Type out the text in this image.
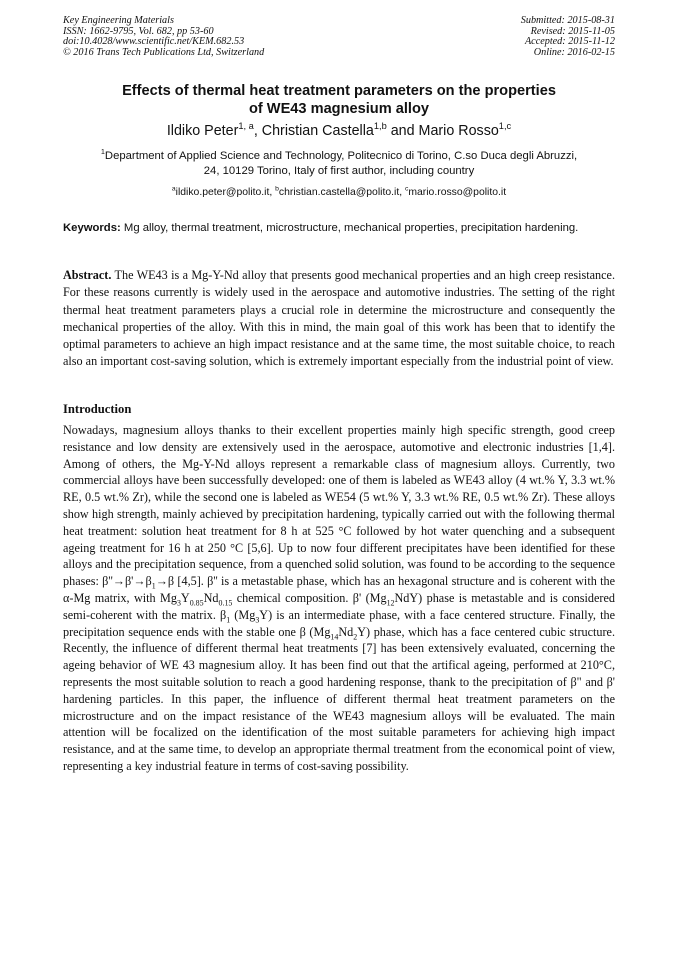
Key Engineering Materials
ISSN: 1662-9795, Vol. 682, pp 53-60
doi:10.4028/www.scientific.net/KEM.682.53
© 2016 Trans Tech Publications Ltd, Switzerland
Submitted: 2015-08-31
Revised: 2015-11-05
Accepted: 2015-11-12
Online: 2016-02-15
Effects of thermal heat treatment parameters on the properties
of WE43 magnesium alloy
Ildiko Peter$^{1, a}$, Christian Castella$^{1,b}$ and Mario Rosso$^{1,c}$
$^1$Department of Applied Science and Technology, Politecnico di Torino, C.so Duca degli Abruzzi,
24, 10129 Torino, Italy of first author, including country
$^a$ildiko.peter@polito.it, $^b$christian.castella@polito.it, $^c$mario.rosso@polito.it
Keywords: Mg alloy, thermal treatment, microstructure, mechanical properties, precipitation hardening.
Abstract. The WE43 is a Mg-Y-Nd alloy that presents good mechanical properties and an high creep resistance. For these reasons currently is widely used in the aerospace and automotive industries. The setting of the right thermal heat treatment parameters plays a crucial role in determine the microstructure and consequently the mechanical properties of the alloy. With this in mind, the main goal of this work has been that to identify the optimal parameters to achieve an high impact resistance and at the same time, the most suitable choice, to reach also an important cost-saving solution, which is extremely important especially from the industrial point of view.
Introduction
Nowadays, magnesium alloys thanks to their excellent properties mainly high specific strength, good creep resistance and low density are extensively used in the aerospace, automotive and electronic industries [1,4]. Among of others, the Mg-Y-Nd alloys represent a remarkable class of magnesium alloys. Currently, two commercial alloys have been successfully developed: one of them is labeled as WE43 alloy (4 wt.% Y, 3.3 wt.% RE, 0.5 wt.% Zr), while the second one is labeled as WE54 (5 wt.% Y, 3.3 wt.% RE, 0.5 wt.% Zr). These alloys show high strength, mainly achieved by precipitation hardening, typically carried out with the following thermal heat treatment: solution heat treatment for 8 h at 525 °C followed by hot water quenching and a subsequent ageing treatment for 16 h at 250 °C [5,6]. Up to now four different precipitates have been identified for these alloys and the precipitation sequence, from a quenched solid solution, was found to be according to the sequence phases: $\beta''\to\beta'\to\beta_1\to\beta$ [4,5]. β'' is a metastable phase, which has an hexagonal structure and is coherent with the α-Mg matrix, with $Mg_3Y_{0.85}Nd_{0.15}$ chemical composition. β' $(Mg_{12}NdY)$ phase is metastable and is considered semi-coherent with the matrix. $\beta_1$ $(Mg_3Y)$ is an intermediate phase, with a face centered structure. Finally, the precipitation sequence ends with the stable one β $(Mg_{14}Nd_2Y)$ phase, which has a face centered cubic structure. Recently, the influence of different thermal heat treatments [7] has been extensively evaluated, concerning the ageing behavior of WE 43 magnesium alloy. It has been find out that the artifical ageing, performed at 210°C, represents the most suitable solution to reach a good hardening response, thank to the precipitation of β" and β' hardening particles. In this paper, the influence of different thermal heat treatment parameters on the microstructure and on the impact resistance of the WE43 magnesium alloys will be evaluated. The main attention will be focalized on the identification of the most suitable parameters for achieving high impact resistance, and at the same time, to develop an appropriate thermal treatment from the economical point of view, representing a key industrial feature in terms of cost-saving possibility.
